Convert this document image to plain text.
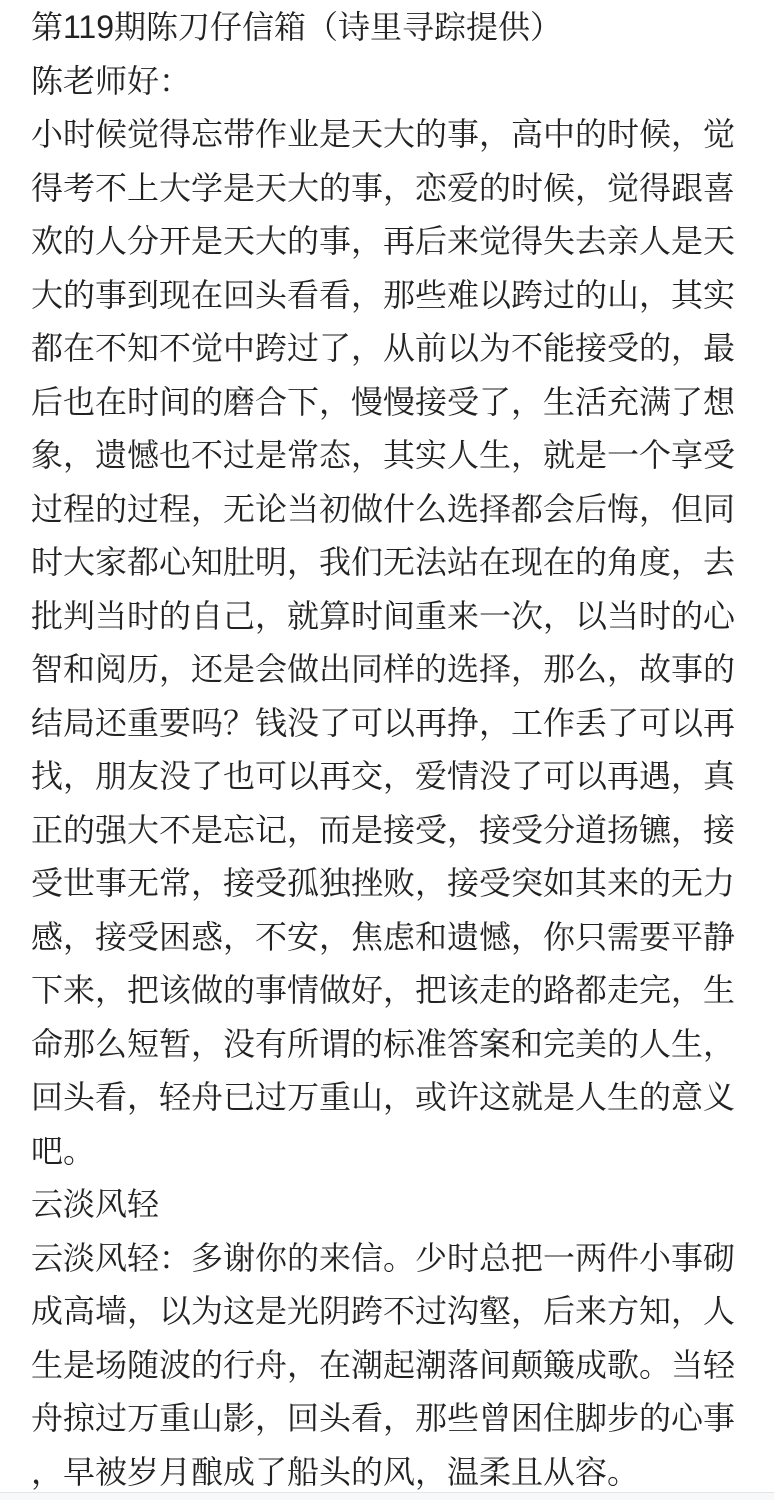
第119期陈刀仔信箱（诗里寻踪提供）

陈老师好：

小时候觉得忘带作业是天大的事，高中的时候，觉得考不上大学是天大的事，恋爱的时候，觉得跟喜欢的人分开是天大的事，再后来觉得失去亲人是天大的事到现在回头看看，那些难以跨过的山，其实都在不知不觉中跨过了，从前以为不能接受的，最后也在时间的磨合下，慢慢接受了，生活充满了想象，遗憾也不过是常态，其实人生，就是一个享受过程的过程，无论当初做什么选择都会后悔，但同时大家都心知肚明，我们无法站在现在的角度，去批判当时的自己，就算时间重来一次，以当时的心智和阅历，还是会做出同样的选择，那么，故事的结局还重要吗？钱没了可以再挣，工作丢了可以再找，朋友没了也可以再交，爱情没了可以再遇，真正的强大不是忘记，而是接受，接受分道扬镳，接受世事无常，接受孤独挫败，接受突如其来的无力感，接受困惑，不安，焦虑和遗憾，你只需要平静下来，把该做的事情做好，把该走的路都走完，生命那么短暂，没有所谓的标准答案和完美的人生，回头看，轻舟已过万重山，或许这就是人生的意义吧。

云淡风轻

云淡风轻：多谢你的来信。少时总把一两件小事砌成高墙，以为这是光阴跨不过沟壑，后来方知，人生是场随波的行舟，在潮起潮落间颠簸成歌。当轻舟掠过万重山影，回头看，那些曾困住脚步的心事，早被岁月酿成了船头的风，温柔且从容。
